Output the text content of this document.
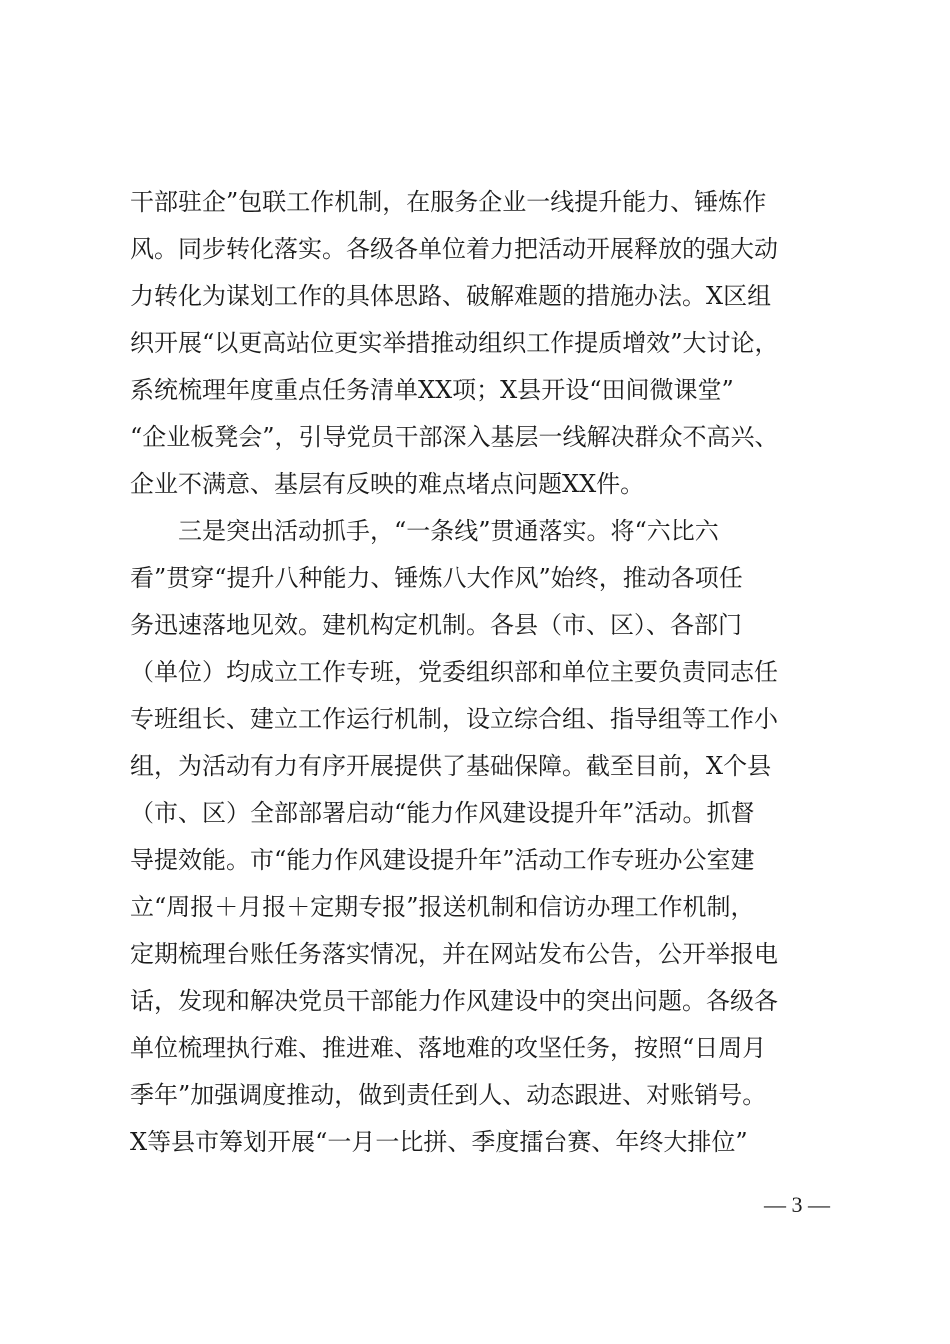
干部驻企”包联工作机制，在服务企业一线提升能力、锤炼作
风。同步转化落实。各级各单位着力把活动开展释放的强大动
力转化为谋划工作的具体思路、破解难题的措施办法。X区组
织开展“以更高站位更实举措推动组织工作提质增效”大讨论，
系统梳理年度重点任务清单XX项；X县开设“田间微课堂”
“企业板凳会”，引导党员干部深入基层一线解决群众不高兴、
企业不满意、基层有反映的难点堵点问题XX件。
三是突出活动抓手，“一条线”贯通落实。将“六比六
看”贯穿“提升八种能力、锤炼八大作风”始终，推动各项任
务迅速落地见效。建机构定机制。各县（市、区）、各部门
（单位）均成立工作专班，党委组织部和单位主要负责同志任
专班组长、建立工作运行机制，设立综合组、指导组等工作小
组，为活动有力有序开展提供了基础保障。截至目前，X个县
（市、区）全部部署启动“能力作风建设提升年”活动。抓督
导提效能。市“能力作风建设提升年”活动工作专班办公室建
立“周报＋月报＋定期专报”报送机制和信访办理工作机制，
定期梳理台账任务落实情况，并在网站发布公告，公开举报电
话，发现和解决党员干部能力作风建设中的突出问题。各级各
单位梳理执行难、推进难、落地难的攻坚任务，按照“日周月
季年”加强调度推动，做到责任到人、动态跟进、对账销号。
X等县市筹划开展“一月一比拼、季度擂台赛、年终大排位”
— 3 —
